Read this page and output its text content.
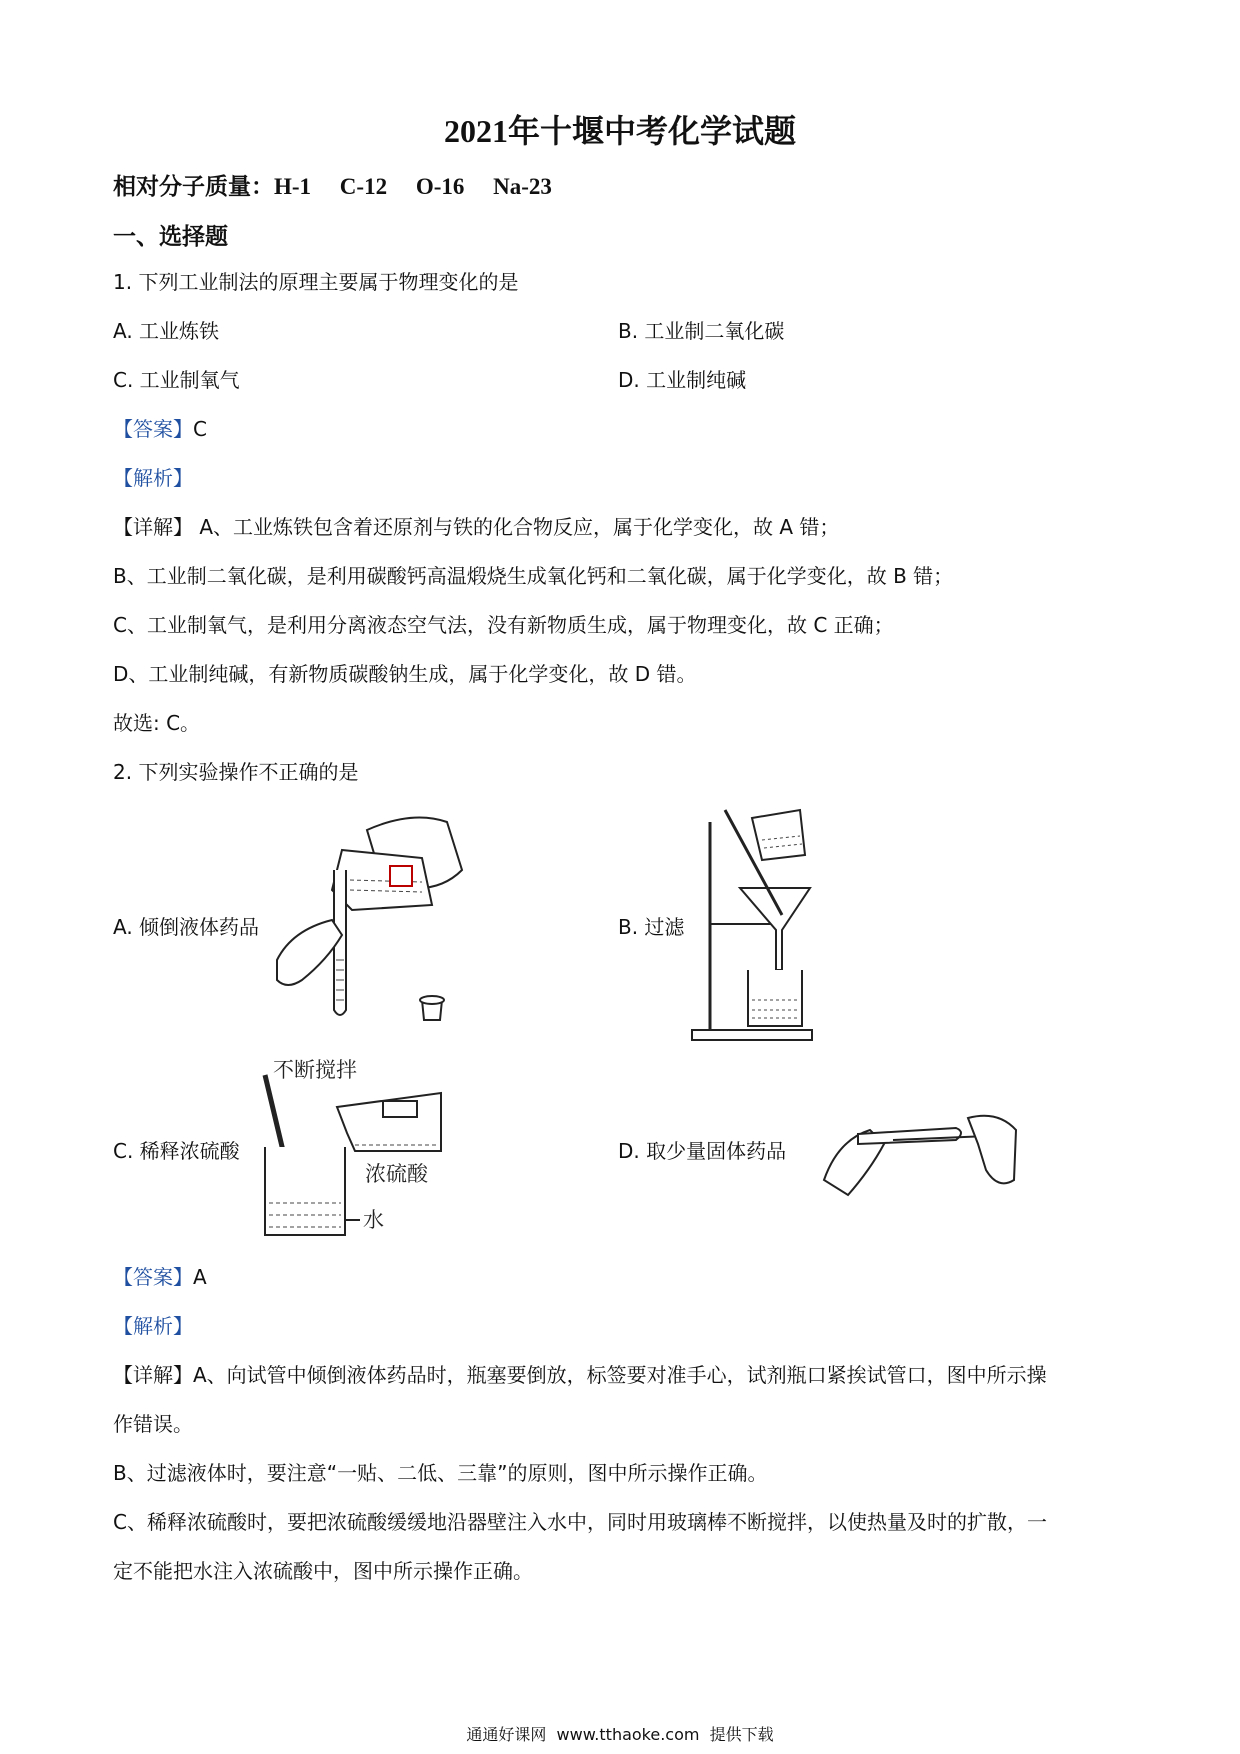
2021年十堰中考化学试题
相对分子质量：H-1     C-12     O-16     Na-23
一、选择题
1. 下列工业制法的原理主要属于物理变化的是
A. 工业炼铁	B. 工业制二氧化碳
C. 工业制氧气	D. 工业制纯碱
【答案】C
【解析】
【详解】 A、工业炼铁包含着还原剂与铁的化合物反应，属于化学变化，故 A 错；
B、工业制二氧化碳，是利用碳酸钙高温煅烧生成氧化钙和二氧化碳，属于化学变化，故 B 错；
C、工业制氧气，是利用分离液态空气法，没有新物质生成，属于物理变化，故 C 正确；
D、工业制纯碱，有新物质碳酸钠生成，属于化学变化，故 D 错。
故选: C。
2. 下列实验操作不正确的是
A. 倾倒液体药品	B. 过滤
C. 稀释浓硫酸	D. 取少量固体药品
不断搅拌
浓硫酸
水
【答案】A
【解析】
【详解】A、向试管中倾倒液体药品时，瓶塞要倒放，标签要对准手心，试剂瓶口紧挨试管口，图中所示操
作错误。
B、过滤液体时，要注意“一贴、二低、三靠”的原则，图中所示操作正确。
C、稀释浓硫酸时，要把浓硫酸缓缓地沿器壁注入水中，同时用玻璃棒不断搅拌，以使热量及时的扩散，一
定不能把水注入浓硫酸中，图中所示操作正确。
通通好课网  www.tthaoke.com  提供下载
